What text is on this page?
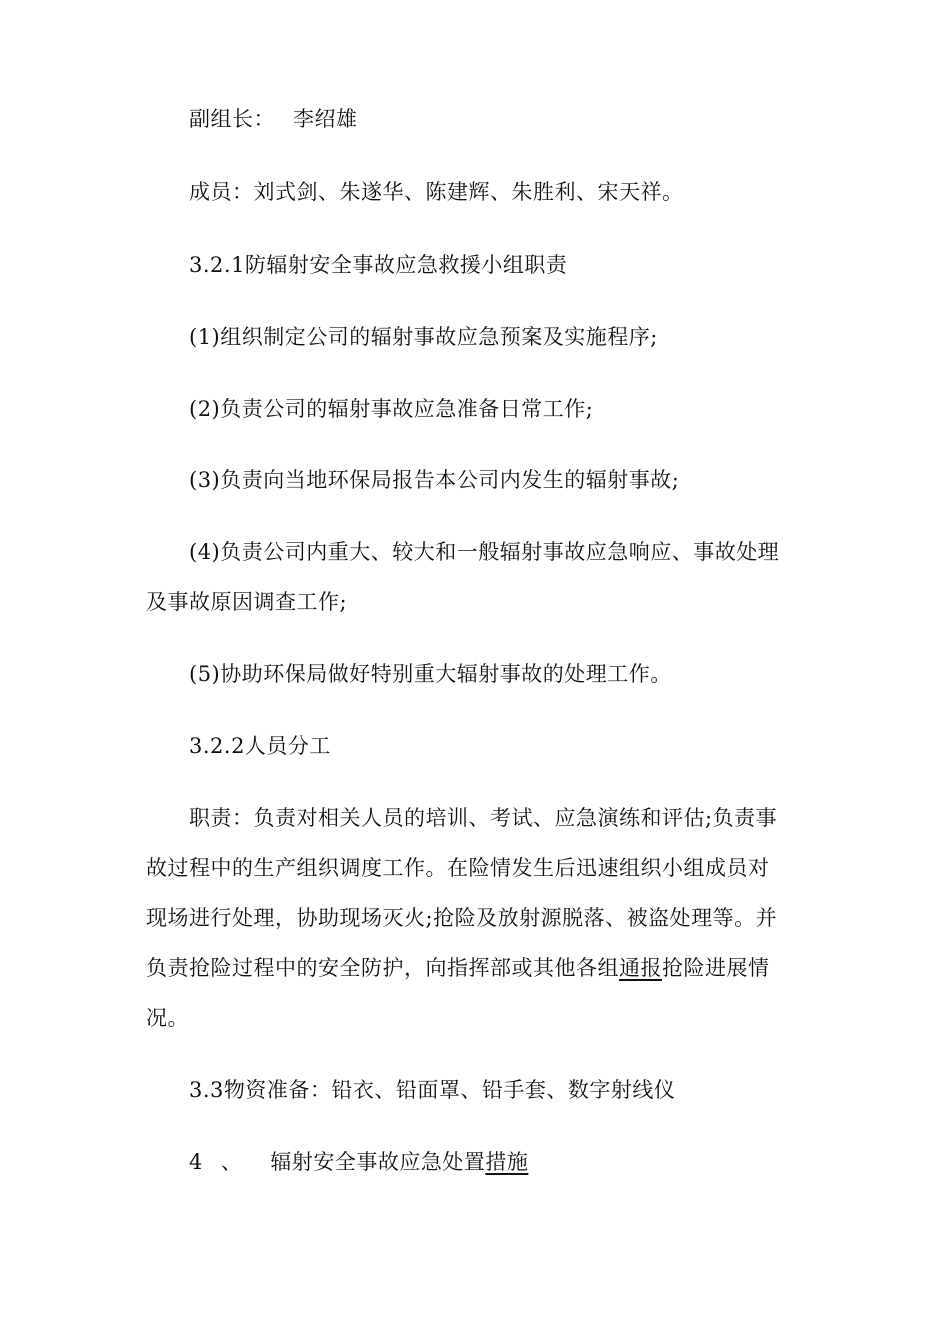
副组长： 李绍雄
成员：刘式剑、朱遂华、陈建辉、朱胜利、宋天祥。
3.2.1防辐射安全事故应急救援小组职责
(1)组织制定公司的辐射事故应急预案及实施程序;
(2)负责公司的辐射事故应急准备日常工作;
(3)负责向当地环保局报告本公司内发生的辐射事故;
(4)负责公司内重大、较大和一般辐射事故应急响应、事故处理
及事故原因调查工作;
(5)协助环保局做好特别重大辐射事故的处理工作。
3.2.2人员分工
职责：负责对相关人员的培训、考试、应急演练和评估;负责事
故过程中的生产组织调度工作。在险情发生后迅速组织小组成员对
现场进行处理，协助现场灭火;抢险及放射源脱落、被盗处理等。并
负责抢险过程中的安全防护，向指挥部或其他各组通报抢险进展情
况。
3.3物资准备：铅衣、铅面罩、铅手套、数字射线仪
4 、 辐射安全事故应急处置措施
